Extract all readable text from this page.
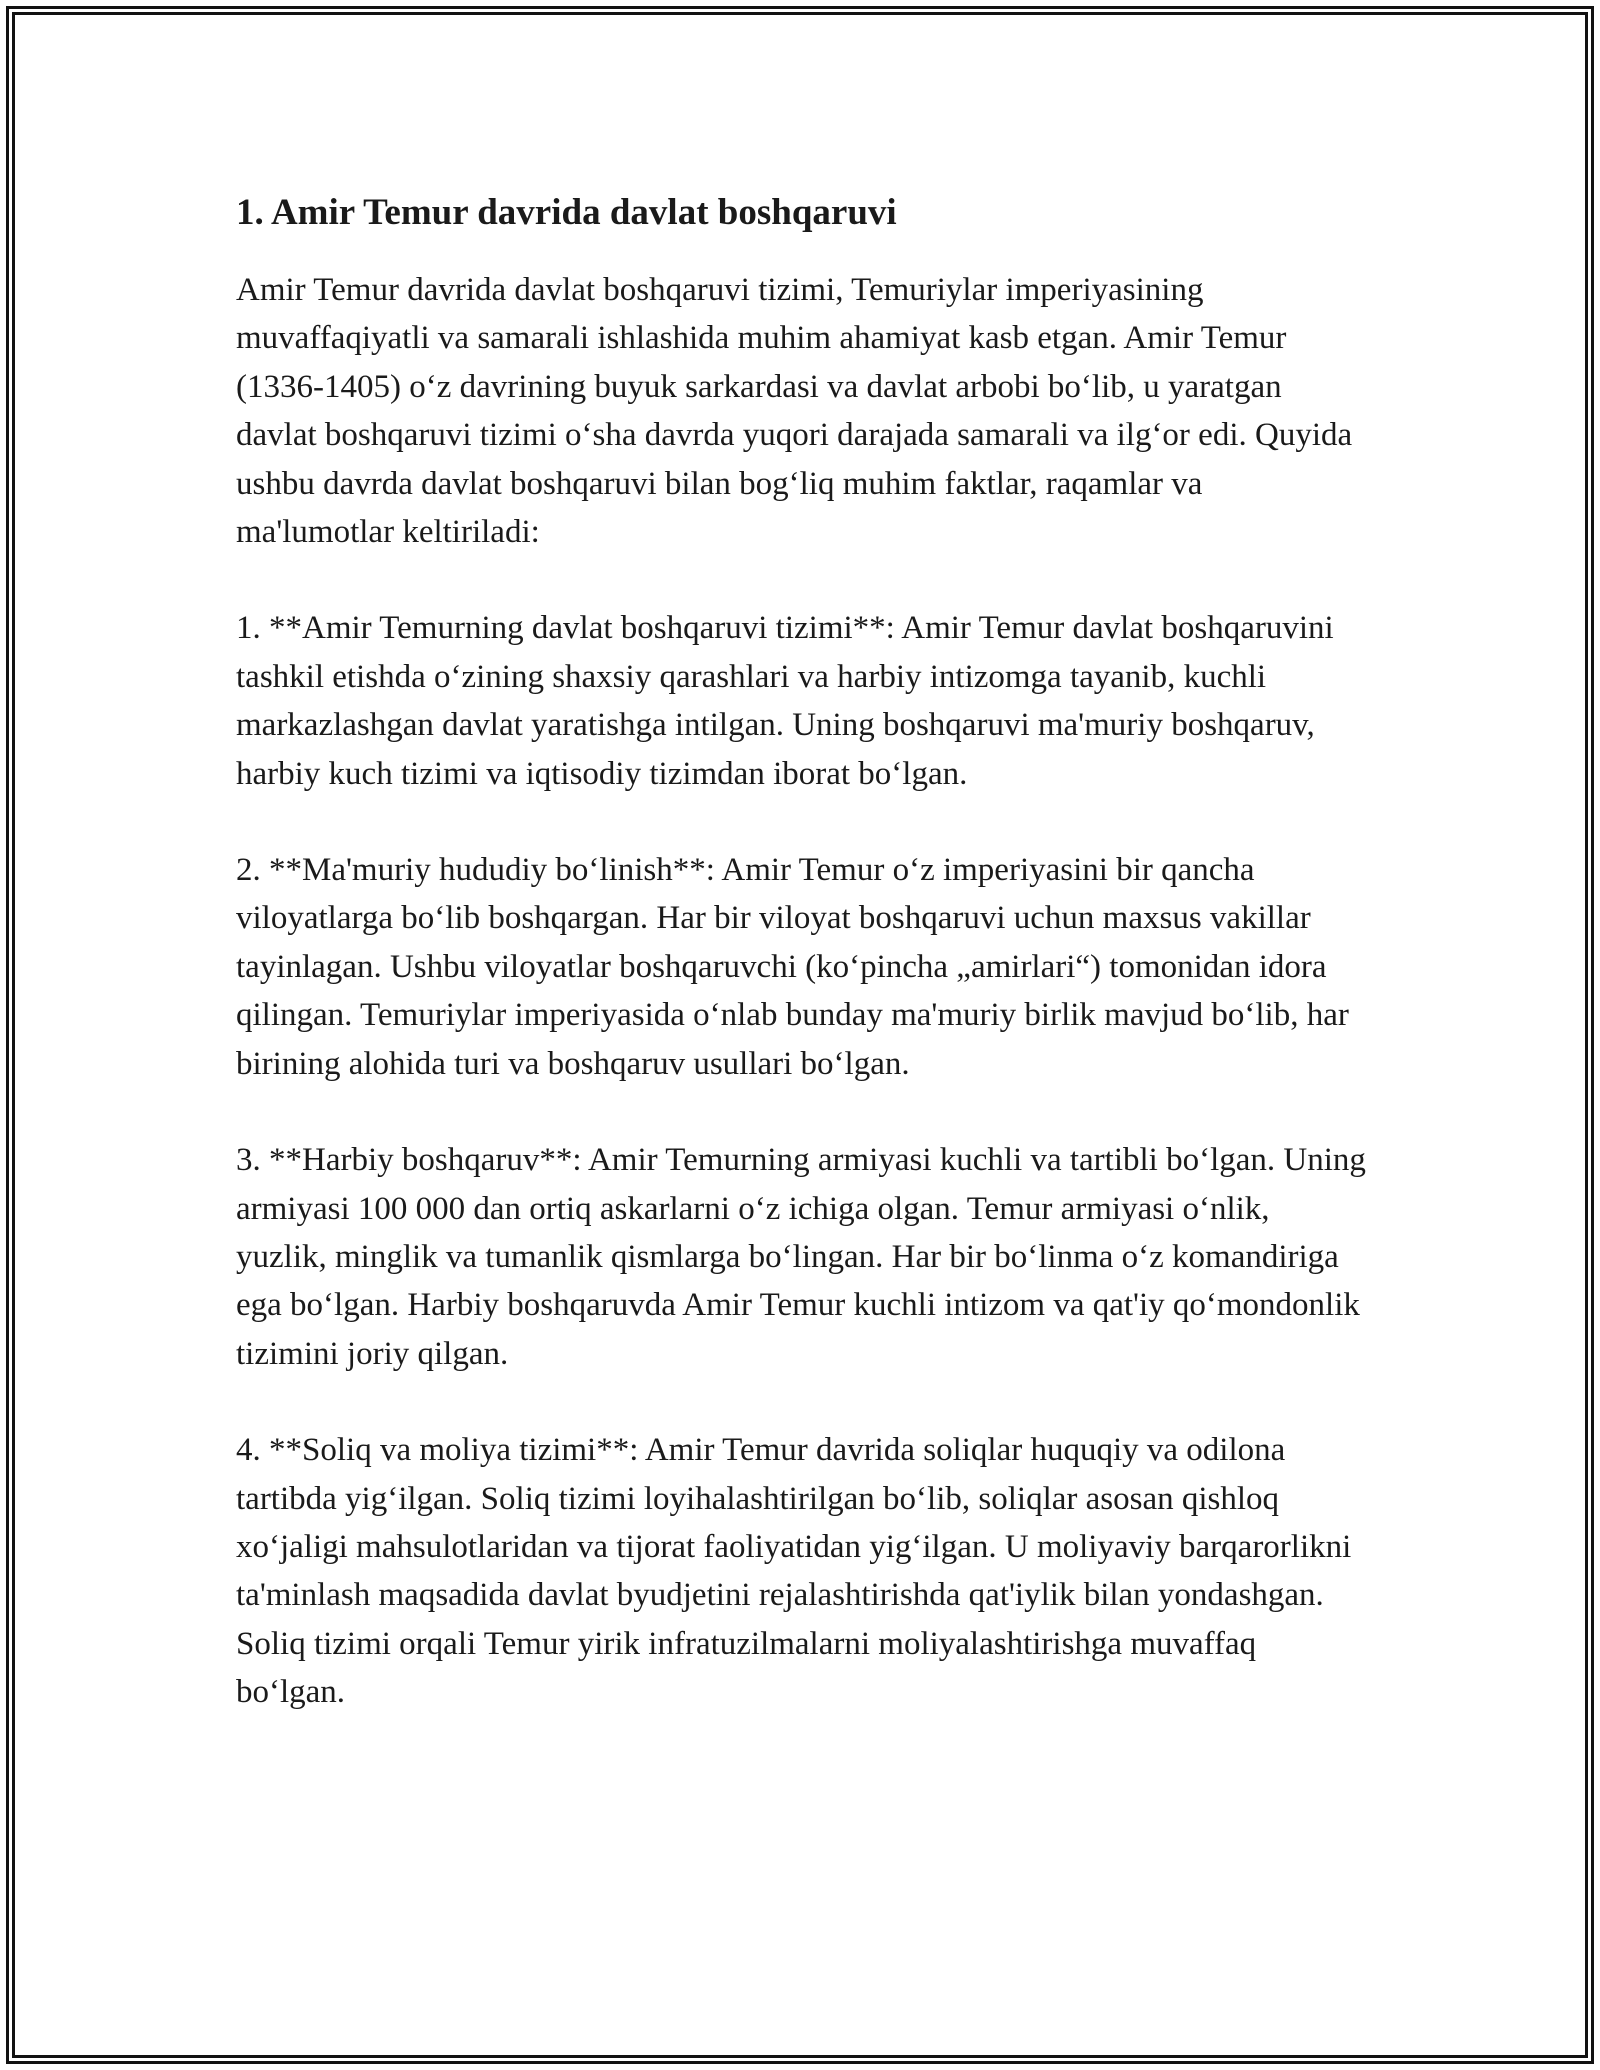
1. Amir Temur davrida davlat boshqaruvi

Amir Temur davrida davlat boshqaruvi tizimi, Temuriylar imperiyasining muvaffaqiyatli va samarali ishlashida muhim ahamiyat kasb etgan. Amir Temur (1336-1405) o‘z davrining buyuk sarkardasi va davlat arbobi bo‘lib, u yaratgan davlat boshqaruvi tizimi o‘sha davrda yuqori darajada samarali va ilg‘or edi. Quyida ushbu davrda davlat boshqaruvi bilan bog‘liq muhim faktlar, raqamlar va ma'lumotlar keltiriladi:

1. **Amir Temurning davlat boshqaruvi tizimi**: Amir Temur davlat boshqaruvini tashkil etishda o‘zining shaxsiy qarashlari va harbiy intizomga tayanib, kuchli markazlashgan davlat yaratishga intilgan. Uning boshqaruvi ma'muriy boshqaruv, harbiy kuch tizimi va iqtisodiy tizimdan iborat bo‘lgan.

2. **Ma'muriy hududiy bo‘linish**: Amir Temur o‘z imperiyasini bir qancha viloyatlarga bo‘lib boshqargan. Har bir viloyat boshqaruvi uchun maxsus vakillar tayinlagan. Ushbu viloyatlar boshqaruvchi (ko‘pincha „amirlari“) tomonidan idora qilingan. Temuriylar imperiyasida o‘nlab bunday ma'muriy birlik mavjud bo‘lib, har birining alohida turi va boshqaruv usullari bo‘lgan.

3. **Harbiy boshqaruv**: Amir Temurning armiyasi kuchli va tartibli bo‘lgan. Uning armiyasi 100 000 dan ortiq askarlarni o‘z ichiga olgan. Temur armiyasi o‘nlik, yuzlik, minglik va tumanlik qismlarga bo‘lingan. Har bir bo‘linma o‘z komandiriga ega bo‘lgan. Harbiy boshqaruvda Amir Temur kuchli intizom va qat'iy qo‘mondonlik tizimini joriy qilgan.

4. **Soliq va moliya tizimi**: Amir Temur davrida soliqlar huquqiy va odilona tartibda yig‘ilgan. Soliq tizimi loyihalashtirilgan bo‘lib, soliqlar asosan qishloq xo‘jaligi mahsulotlaridan va tijorat faoliyatidan yig‘ilgan. U moliyaviy barqarorlikni ta'minlash maqsadida davlat byudjetini rejalashtirishda qat'iylik bilan yondashgan. Soliq tizimi orqali Temur yirik infratuzilmalarni moliyalashtirishga muvaffaq bo‘lgan.
